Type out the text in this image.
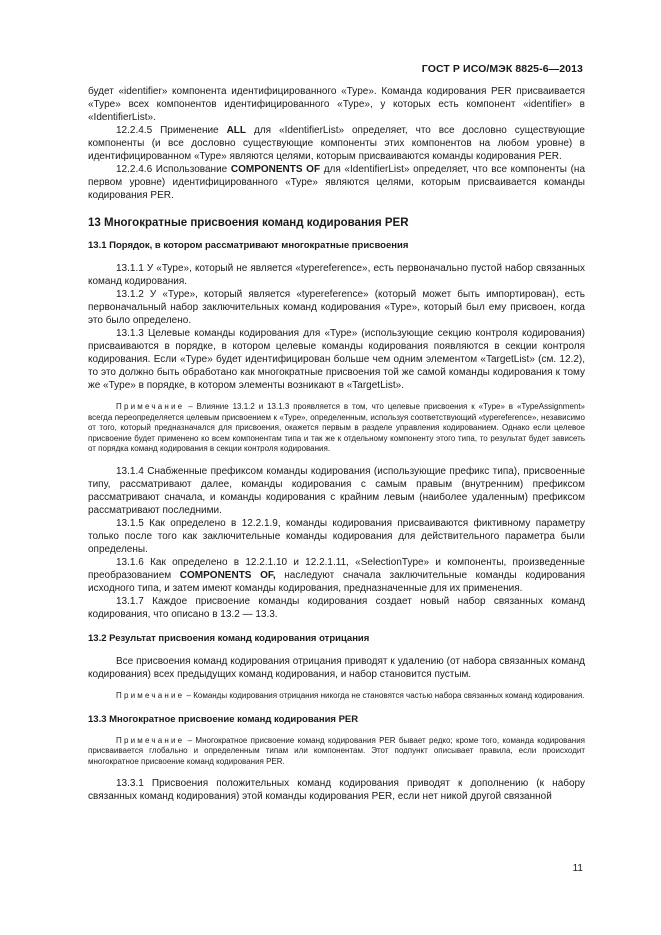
ГОСТ Р ИСО/МЭК 8825-6—2013

будет «identifier» компонента идентифицированного «Type». Команда кодирования PER присваивается «Type» всех компонентов идентифицированного «Type», у которых есть компонент «identifier» в «IdentifierList».

12.2.4.5 Применение ALL для «IdentifierList» определяет, что все дословно существующие компоненты (и все дословно существующие компоненты этих компонентов на любом уровне) в идентифицированном «Type» являются целями, которым присваиваются команды кодирования PER.

12.2.4.6 Использование COMPONENTS OF для «IdentifierList» определяет, что все компоненты (на первом уровне) идентифицированного «Type» являются целями, которым присваивается команды кодирования PER.

13 Многократные присвоения команд кодирования PER

13.1 Порядок, в котором рассматривают многократные присвоения

13.1.1 У «Type», который не является «typereference», есть первоначально пустой набор связанных команд кодирования.

13.1.2 У «Type», который является «typereference» (который может быть импортирован), есть первоначальный набор заключительных команд кодирования «Type», который был ему присвоен, когда это было определено.

13.1.3 Целевые команды кодирования для «Type» (использующие секцию контроля кодирования) присваиваются в порядке, в котором целевые команды кодирования появляются в секции контроля кодирования. Если «Type» будет идентифицирован больше чем одним элементом «TargetList» (см. 12.2), то это должно быть обработано как многократные присвоения той же самой команды кодирования к тому же «Type» в порядке, в котором элементы возникают в «TargetList».

Примечание – Влияние 13.1.2 и 13.1.3 проявляется в том, что целевые присвоения к «Type» в «TypeAssignment» всегда переопределяется целевым присвоением к «Type», определенным, используя соответствующий «typereference», независимо от того, который предназначался для присвоения, окажется первым в разделе управления кодированием. Однако если целевое присвоение будет применено ко всем компонентам типа и так же к отдельному компоненту этого типа, то результат будет зависеть от порядка команд кодирования в секции контроля кодирования.

13.1.4 Снабженные префиксом команды кодирования (использующие префикс типа), присвоенные типу, рассматривают далее, команды кодирования с самым правым (внутренним) префиксом рассматривают сначала, и команды кодирования с крайним левым (наиболее удаленным) префиксом рассматривают последними.

13.1.5 Как определено в 12.2.1.9, команды кодирования присваиваются фиктивному параметру только после того как заключительные команды кодирования для действительного параметра были определены.

13.1.6 Как определено в 12.2.1.10 и 12.2.1.11, «SelectionType» и компоненты, произведенные преобразованием COMPONENTS OF, наследуют сначала заключительные команды кодирования исходного типа, и затем имеют команды кодирования, предназначенные для их применения.

13.1.7 Каждое присвоение команды кодирования создает новый набор связанных команд кодирования, что описано в 13.2 — 13.3.

13.2 Результат присвоения команд кодирования отрицания

Все присвоения команд кодирования отрицания приводят к удалению (от набора связанных команд кодирования) всех предыдущих команд кодирования, и набор становится пустым.

Примечание – Команды кодирования отрицания никогда не становятся частью набора связанных команд кодирования.

13.3 Многократное присвоение команд кодирования PER

Примечание – Многократное присвоение команд кодирования PER бывает редко; кроме того, команда кодирования присваивается глобально и определенным типам или компонентам. Этот подпункт описывает правила, если происходит многократное присвоение команд кодирования PER.

13.3.1 Присвоения положительных команд кодирования приводят к дополнению (к набору связанных команд кодирования) этой команды кодирования PER, если нет никой другой связанной

11
